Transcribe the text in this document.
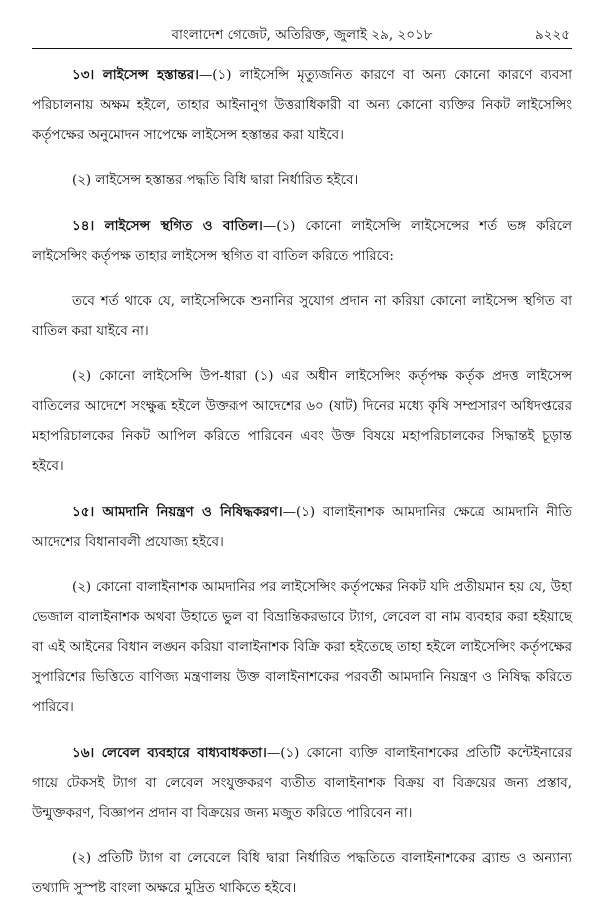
বাংলাদেশ গেজেট, অতিরিক্ত, জুলাই ২৯, ২০১৮	৯২২৫

১৩। লাইসেন্স হস্তান্তর।—(১) লাইসেন্সি মৃত্যুজনিত কারণে বা অন্য কোনো কারণে ব্যবসা পরিচালনায় অক্ষম হইলে, তাহার আইনানুগ উত্তরাধিকারী বা অন্য কোনো ব্যক্তির নিকট লাইসেন্সিং কর্তৃপক্ষের অনুমোদন সাপেক্ষে লাইসেন্স হস্তান্তর করা যাইবে।

(২) লাইসেন্স হস্তান্তর পদ্ধতি বিধি দ্বারা নির্ধারিত হইবে।

১৪। লাইসেন্স স্থগিত ও বাতিল।—(১) কোনো লাইসেন্সি লাইসেন্সের শর্ত ভঙ্গ করিলে লাইসেন্সিং কর্তৃপক্ষ তাহার লাইসেন্স স্থগিত বা বাতিল করিতে পারিবে:

তবে শর্ত থাকে যে, লাইসেন্সিকে শুনানির সুযোগ প্রদান না করিয়া কোনো লাইসেন্স স্থগিত বা বাতিল করা যাইবে না।

(২) কোনো লাইসেন্সি উপ-ধারা (১) এর অধীন লাইসেন্সিং কর্তৃপক্ষ কর্তৃক প্রদত্ত লাইসেন্স বাতিলের আদেশে সংক্ষুব্ধ হইলে উক্তরূপ আদেশের ৬০ (ষাট) দিনের মধ্যে কৃষি সম্প্রসারণ অধিদপ্তরের মহাপরিচালকের নিকট আপিল করিতে পারিবেন এবং উক্ত বিষয়ে মহাপরিচালকের সিদ্ধান্তই চূড়ান্ত হইবে।

১৫। আমদানি নিয়ন্ত্রণ ও নিষিদ্ধকরণ।—(১) বালাইনাশক আমদানির ক্ষেত্রে আমদানি নীতি আদেশের বিধানাবলী প্রযোজ্য হইবে।

(২) কোনো বালাইনাশক আমদানির পর লাইসেন্সিং কর্তৃপক্ষের নিকট যদি প্রতীয়মান হয় যে, উহা ভেজাল বালাইনাশক অথবা উহাতে ভুল বা বিভ্রান্তিকরভাবে ট্যাগ, লেবেল বা নাম ব্যবহার করা হইয়াছে বা এই আইনের বিধান লঙ্ঘন করিয়া বালাইনাশক বিক্রি করা হইতেছে তাহা হইলে লাইসেন্সিং কর্তৃপক্ষের সুপারিশের ভিত্তিতে বাণিজ্য মন্ত্রণালয় উক্ত বালাইনাশকের পরবর্তী আমদানি নিয়ন্ত্রণ ও নিষিদ্ধ করিতে পারিবে।

১৬। লেবেল ব্যবহারে বাধ্যবাধকতা।—(১) কোনো ব্যক্তি বালাইনাশকের প্রতিটি কন্টেইনারের গায়ে টেকসই ট্যাগ বা লেবেল সংযুক্তকরণ ব্যতীত বালাইনাশক বিক্রয় বা বিক্রয়ের জন্য প্রস্তাব, উন্মুক্তকরণ, বিজ্ঞাপন প্রদান বা বিক্রয়ের জন্য মজুত করিতে পারিবেন না।

(২) প্রতিটি ট্যাগ বা লেবেলে বিধি দ্বারা নির্ধারিত পদ্ধতিতে বালাইনাশকের ব্র্যান্ড ও অন্যান্য তথ্যাদি সুস্পষ্ট বাংলা অক্ষরে মুদ্রিত থাকিতে হইবে।
